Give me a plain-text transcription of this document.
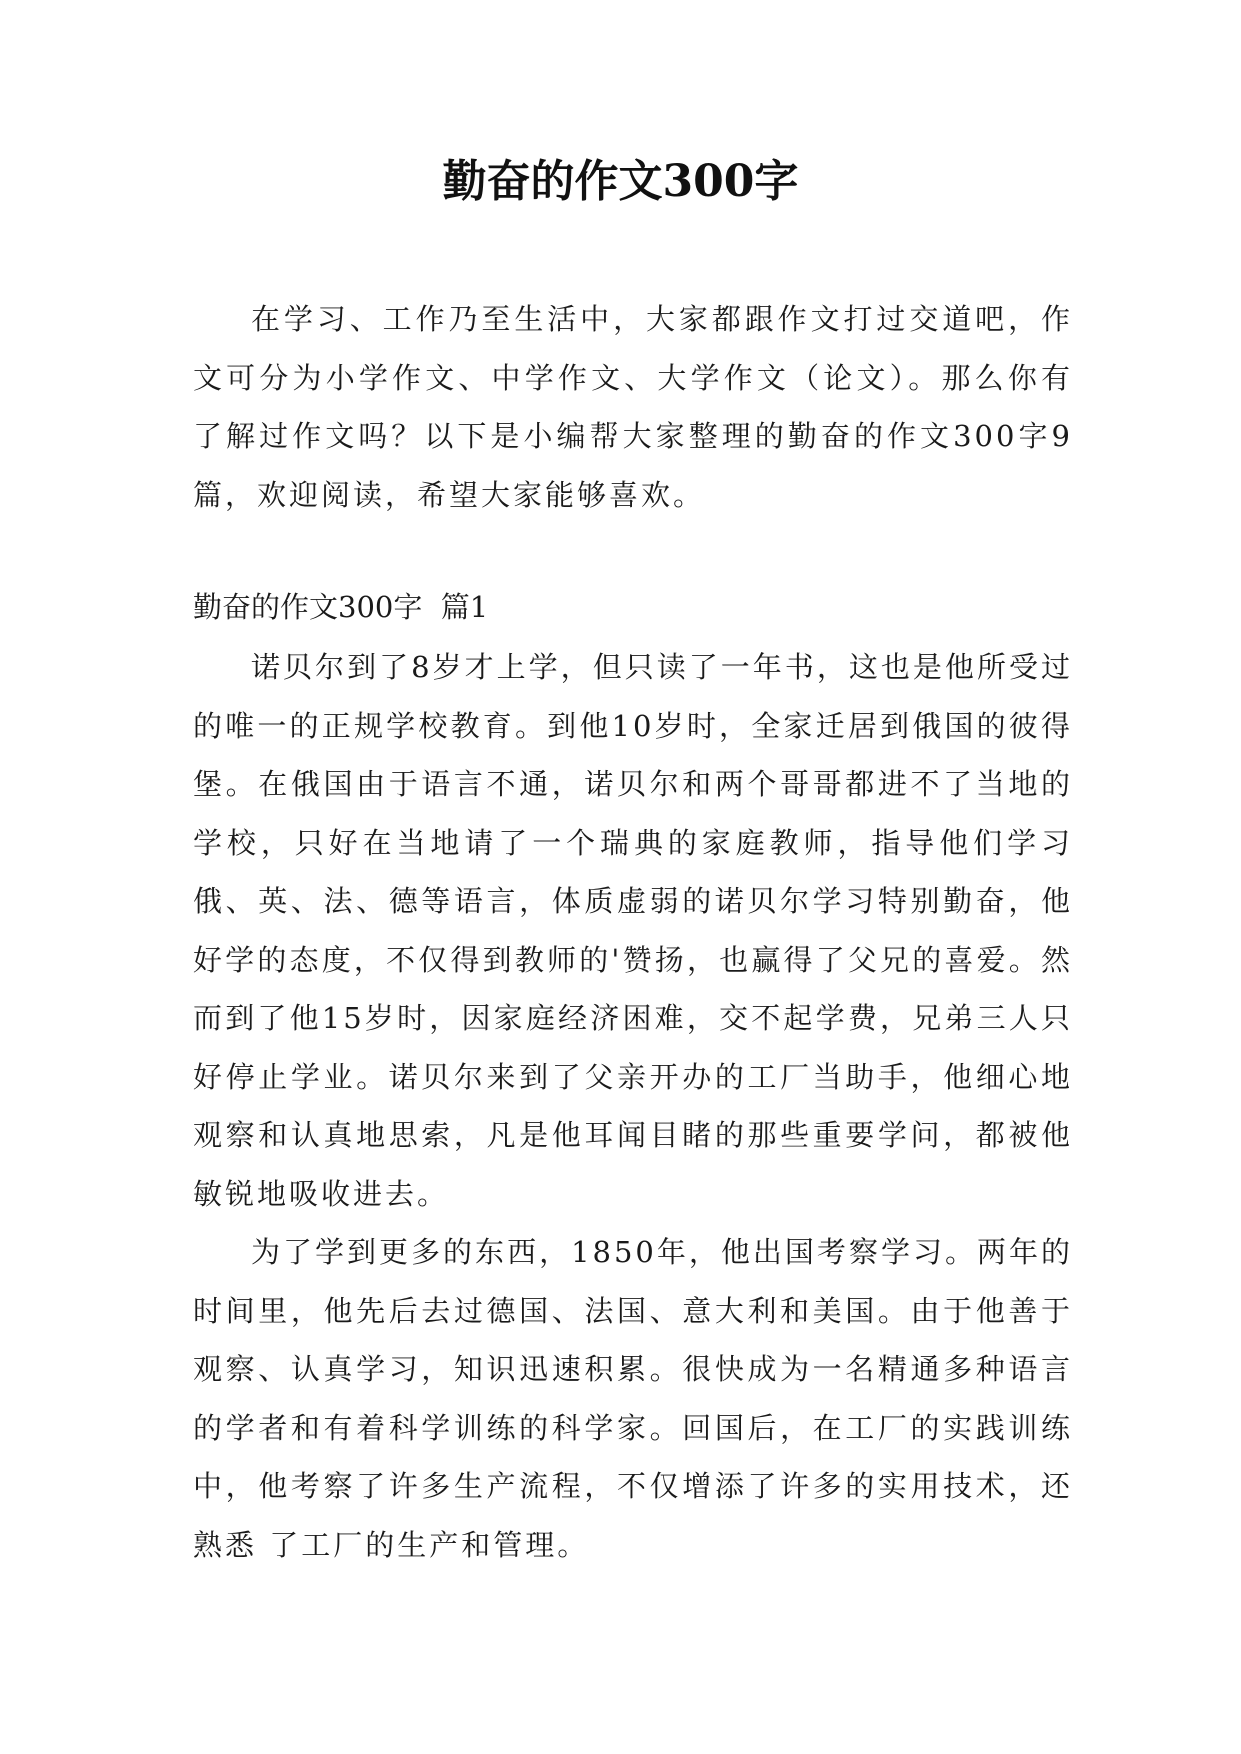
勤奋的作文300字

在学习、工作乃至生活中，大家都跟作文打过交道吧，作文可分为小学作文、中学作文、大学作文（论文）。那么你有了解过作文吗？以下是小编帮大家整理的勤奋的作文300字9篇，欢迎阅读，希望大家能够喜欢。

勤奋的作文300字  篇1

诺贝尔到了8岁才上学，但只读了一年书，这也是他所受过的唯一的正规学校教育。到他10岁时，全家迁居到俄国的彼得堡。在俄国由于语言不通，诺贝尔和两个哥哥都进不了当地的学校，只好在当地请了一个瑞典的家庭教师，指导他们学习俄、英、法、德等语言，体质虚弱的诺贝尔学习特别勤奋，他好学的态度，不仅得到教师的'赞扬，也赢得了父兄的喜爱。然而到了他15岁时，因家庭经济困难，交不起学费，兄弟三人只好停止学业。诺贝尔来到了父亲开办的工厂当助手，他细心地观察和认真地思索，凡是他耳闻目睹的那些重要学问，都被他敏锐地吸收进去。

为了学到更多的东西，1850年，他出国考察学习。两年的时间里，他先后去过德国、法国、意大利和美国。由于他善于观察、认真学习，知识迅速积累。很快成为一名精通多种语言的学者和有着科学训练的科学家。回国后，在工厂的实践训练中，他考察了许多生产流程，不仅增添了许多的实用技术，还熟悉 了工厂的生产和管理。
